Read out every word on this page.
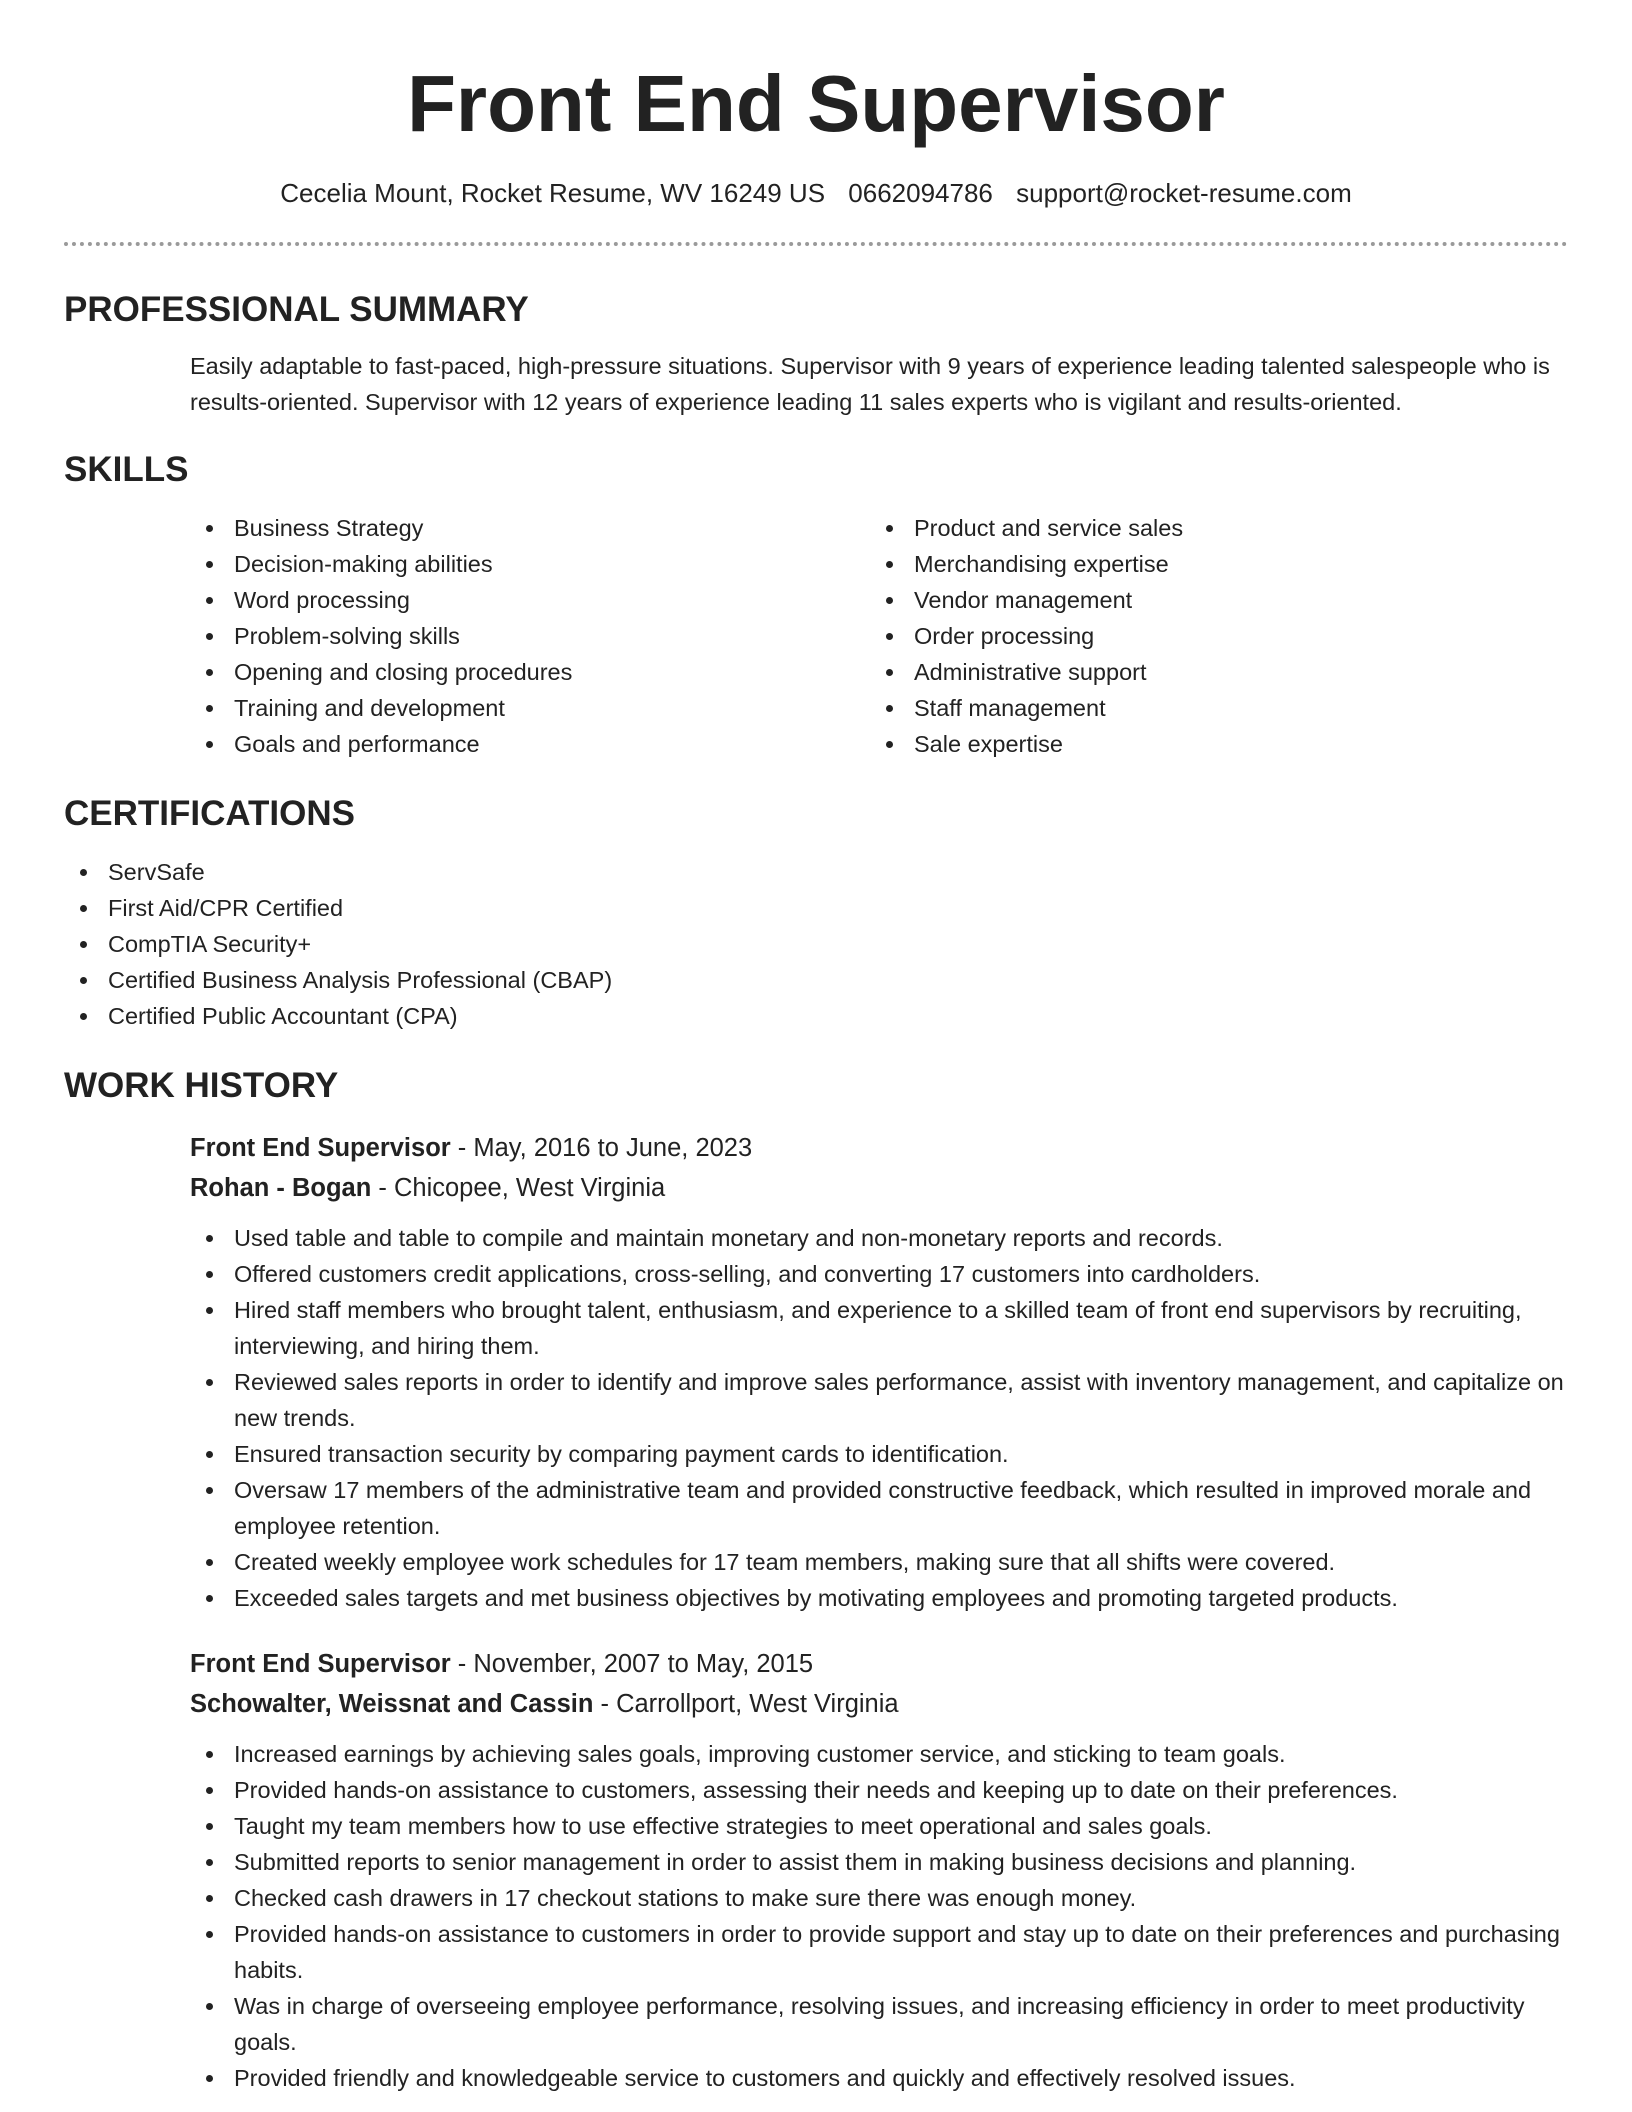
Front End Supervisor
Cecelia Mount, Rocket Resume, WV 16249 US 0662094786 support@rocket-resume.com
PROFESSIONAL SUMMARY

Easily adaptable to fast-paced, high-pressure situations. Supervisor with 9 years of experience leading talented salespeople who is results-oriented. Supervisor with 12 years of experience leading 11 sales experts who is vigilant and results-oriented.

SKILLS
Business Strategy
Decision-making abilities
Word processing
Problem-solving skills
Opening and closing procedures
Training and development
Goals and performance
Product and service sales
Merchandising expertise
Vendor management
Order processing
Administrative support
Staff management
Sale expertise
CERTIFICATIONS
ServSafe
First Aid/CPR Certified
CompTIA Security+
Certified Business Analysis Professional (CBAP)
Certified Public Accountant (CPA)
WORK HISTORY
Front End Supervisor - May, 2016 to June, 2023
Rohan - Bogan - Chicopee, West Virginia
Used table and table to compile and maintain monetary and non-monetary reports and records.
Offered customers credit applications, cross-selling, and converting 17 customers into cardholders.
Hired staff members who brought talent, enthusiasm, and experience to a skilled team of front end supervisors by recruiting, interviewing, and hiring them.
Reviewed sales reports in order to identify and improve sales performance, assist with inventory management, and capitalize on new trends.
Ensured transaction security by comparing payment cards to identification.
Oversaw 17 members of the administrative team and provided constructive feedback, which resulted in improved morale and employee retention.
Created weekly employee work schedules for 17 team members, making sure that all shifts were covered.
Exceeded sales targets and met business objectives by motivating employees and promoting targeted products.
Front End Supervisor - November, 2007 to May, 2015
Schowalter, Weissnat and Cassin - Carrollport, West Virginia
Increased earnings by achieving sales goals, improving customer service, and sticking to team goals.
Provided hands-on assistance to customers, assessing their needs and keeping up to date on their preferences.
Taught my team members how to use effective strategies to meet operational and sales goals.
Submitted reports to senior management in order to assist them in making business decisions and planning.
Checked cash drawers in 17 checkout stations to make sure there was enough money.
Provided hands-on assistance to customers in order to provide support and stay up to date on their preferences and purchasing habits.
Was in charge of overseeing employee performance, resolving issues, and increasing efficiency in order to meet productivity goals.
Provided friendly and knowledgeable service to customers and quickly and effectively resolved issues.
